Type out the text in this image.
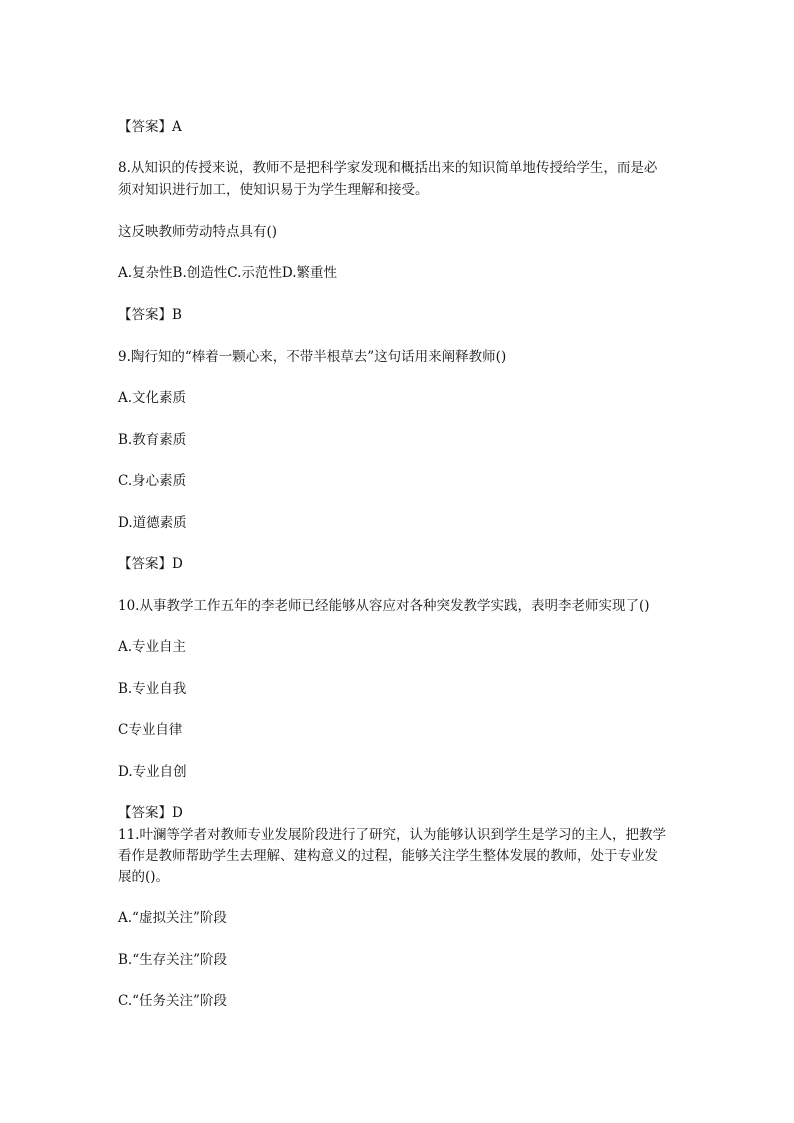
【答案】A

8.从知识的传授来说，教师不是把科学家发现和概括出来的知识简单地传授给学生，而是必

须对知识进行加工，使知识易于为学生理解和接受。

这反映教师劳动特点具有()

A.复杂性B.创造性C.示范性D.繁重性

【答案】B

9.陶行知的“棒着一颗心来，不带半根草去”这句话用来阐释教师()

A.文化素质

B.教育素质

C.身心素质

D.道德素质

【答案】D

10.从事教学工作五年的李老师已经能够从容应对各种突发教学实践，表明李老师实现了()

A.专业自主

B.专业自我

C专业自律

D.专业自创

【答案】D

11.叶澜等学者对教师专业发展阶段进行了研究，认为能够认识到学生是学习的主人，把教学

看作是教师帮助学生去理解、建构意义的过程，能够关注学生整体发展的教师，处于专业发

展的()。

A.“虚拟关注”阶段

B.“生存关注”阶段

C.“任务关注”阶段
